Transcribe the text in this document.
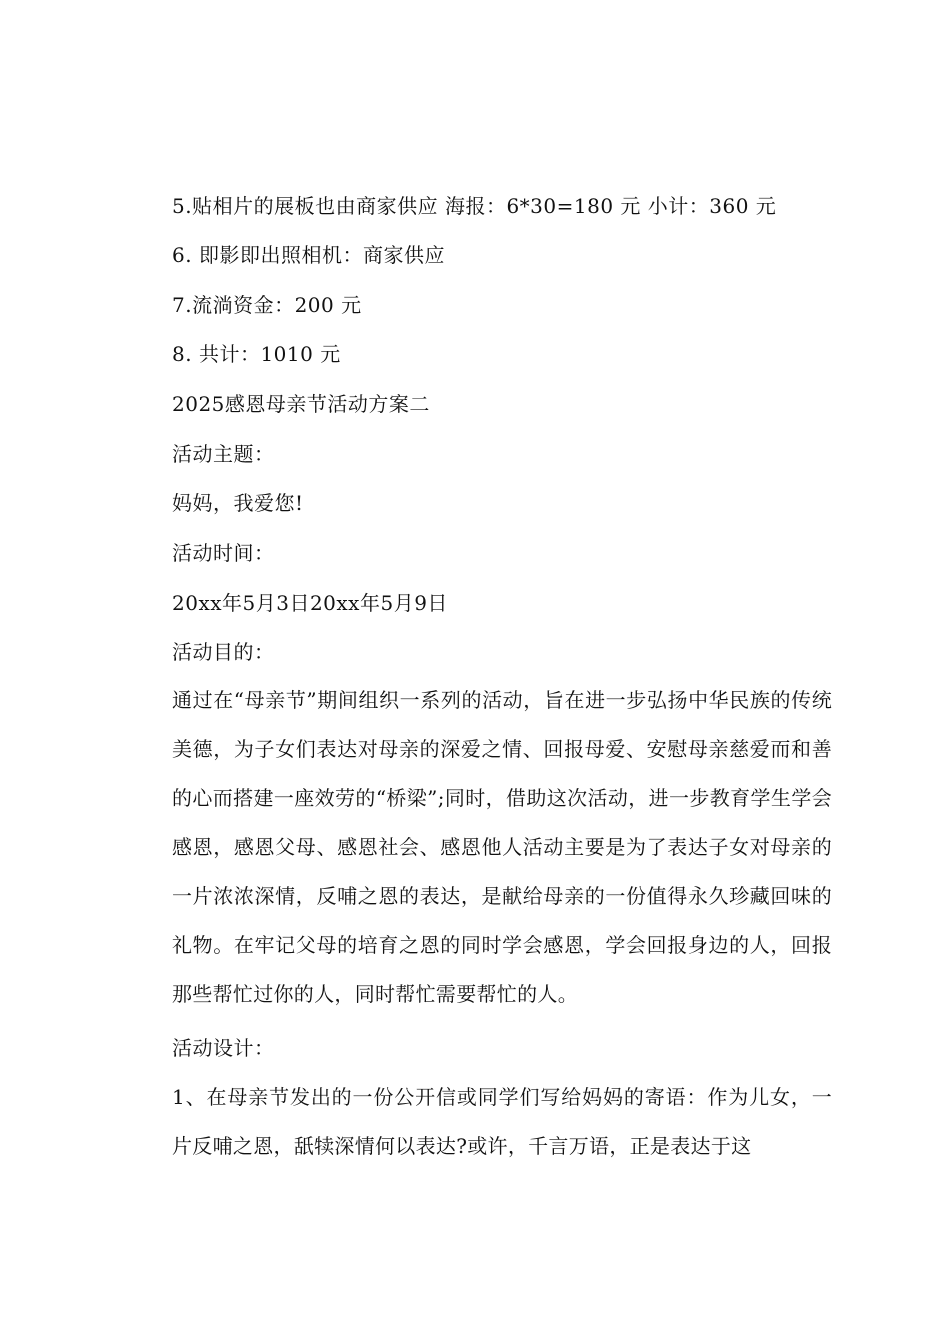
5.贴相片的展板也由商家供应 海报：6*30=180 元 小计：360 元
6. 即影即出照相机：商家供应
7.流淌资金：200 元
8. 共计：1010 元
2025感恩母亲节活动方案二
活动主题：
妈妈，我爱您!
活动时间：
20xx年5月3日20xx年5月9日
活动目的：

通过在“母亲节”期间组织一系列的活动，旨在进一步弘扬中华民族的传统美德，为子女们表达对母亲的深爱之情、回报母爱、安慰母亲慈爱而和善的心而搭建一座效劳的“桥梁”;同时，借助这次活动，进一步教育学生学会感恩，感恩父母、感恩社会、感恩他人活动主要是为了表达子女对母亲的一片浓浓深情，反哺之恩的表达，是献给母亲的一份值得永久珍藏回味的礼物。在牢记父母的培育之恩的同时学会感恩，学会回报身边的人，回报那些帮忙过你的人，同时帮忙需要帮忙的人。

活动设计：

1、在母亲节发出的一份公开信或同学们写给妈妈的寄语：作为儿女，一片反哺之恩，舐犊深情何以表达?或许，千言万语，正是表达于这
